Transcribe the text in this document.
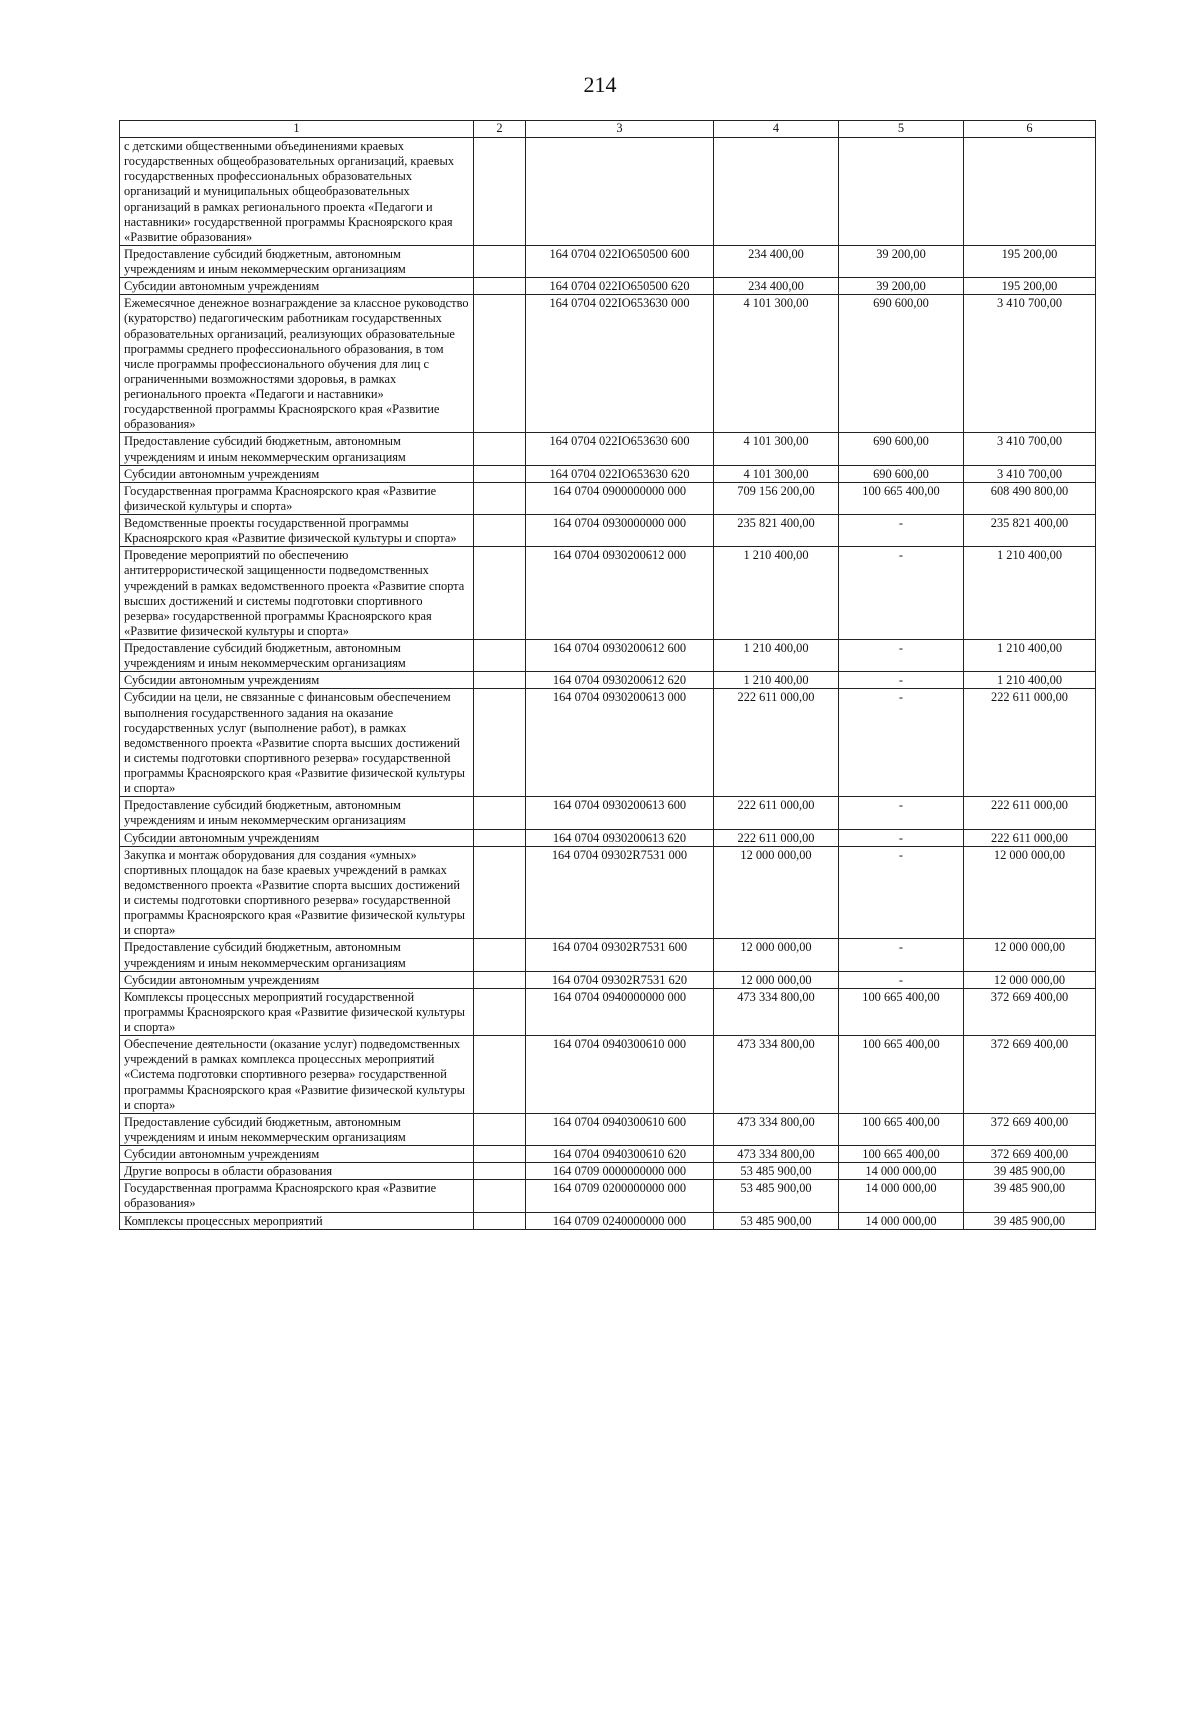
214
1	2	3	4	5	6
с детскими общественными объединениями краевых государственных общеобразовательных организаций, краевых государственных профессиональных образовательных организаций и муниципальных общеобразовательных организаций в рамках регионального проекта «Педагоги и наставники» государственной программы Красноярского края «Развитие образования»					
Предоставление субсидий бюджетным, автономным учреждениям и иным некоммерческим организациям		164 0704 022IO650500 600	234 400,00	39 200,00	195 200,00
Субсидии автономным учреждениям		164 0704 022IO650500 620	234 400,00	39 200,00	195 200,00
Ежемесячное денежное вознаграждение за классное руководство (кураторство) педагогическим работникам государственных образовательных организаций, реализующих образовательные программы среднего профессионального образования, в том числе программы профессионального обучения для лиц с ограниченными возможностями здоровья, в рамках регионального проекта «Педагоги и наставники» государственной программы Красноярского края «Развитие образования»		164 0704 022IO653630 000	4 101 300,00	690 600,00	3 410 700,00
Предоставление субсидий бюджетным, автономным учреждениям и иным некоммерческим организациям		164 0704 022IO653630 600	4 101 300,00	690 600,00	3 410 700,00
Субсидии автономным учреждениям		164 0704 022IO653630 620	4 101 300,00	690 600,00	3 410 700,00
Государственная программа Красноярского края «Развитие физической культуры и спорта»		164 0704 0900000000 000	709 156 200,00	100 665 400,00	608 490 800,00
Ведомственные проекты государственной программы Красноярского края «Развитие физической культуры и спорта»		164 0704 0930000000 000	235 821 400,00	-	235 821 400,00
Проведение мероприятий по обеспечению антитеррористической защищенности подведомственных учреждений в рамках ведомственного проекта «Развитие спорта высших достижений и системы подготовки спортивного резерва» государственной программы Красноярского края «Развитие физической культуры и спорта»		164 0704 0930200612 000	1 210 400,00	-	1 210 400,00
Предоставление субсидий бюджетным, автономным учреждениям и иным некоммерческим организациям		164 0704 0930200612 600	1 210 400,00	-	1 210 400,00
Субсидии автономным учреждениям		164 0704 0930200612 620	1 210 400,00	-	1 210 400,00
Субсидии на цели, не связанные с финансовым обеспечением выполнения государственного задания на оказание государственных услуг (выполнение работ), в рамках ведомственного проекта «Развитие спорта высших достижений и системы подготовки спортивного резерва» государственной программы Красноярского края «Развитие физической культуры и спорта»		164 0704 0930200613 000	222 611 000,00	-	222 611 000,00
Предоставление субсидий бюджетным, автономным учреждениям и иным некоммерческим организациям		164 0704 0930200613 600	222 611 000,00	-	222 611 000,00
Субсидии автономным учреждениям		164 0704 0930200613 620	222 611 000,00	-	222 611 000,00
Закупка и монтаж оборудования для создания «умных» спортивных площадок на базе краевых учреждений в рамках ведомственного проекта «Развитие спорта высших достижений и системы подготовки спортивного резерва» государственной программы Красноярского края «Развитие физической культуры и спорта»		164 0704 09302R7531 000	12 000 000,00	-	12 000 000,00
Предоставление субсидий бюджетным, автономным учреждениям и иным некоммерческим организациям		164 0704 09302R7531 600	12 000 000,00	-	12 000 000,00
Субсидии автономным учреждениям		164 0704 09302R7531 620	12 000 000,00	-	12 000 000,00
Комплексы процессных мероприятий государственной программы Красноярского края «Развитие физической культуры и спорта»		164 0704 0940000000 000	473 334 800,00	100 665 400,00	372 669 400,00
Обеспечение деятельности (оказание услуг) подведомственных учреждений в рамках комплекса процессных мероприятий «Система подготовки спортивного резерва» государственной программы Красноярского края «Развитие физической культуры и спорта»		164 0704 0940300610 000	473 334 800,00	100 665 400,00	372 669 400,00
Предоставление субсидий бюджетным, автономным учреждениям и иным некоммерческим организациям		164 0704 0940300610 600	473 334 800,00	100 665 400,00	372 669 400,00
Субсидии автономным учреждениям		164 0704 0940300610 620	473 334 800,00	100 665 400,00	372 669 400,00
Другие вопросы в области образования		164 0709 0000000000 000	53 485 900,00	14 000 000,00	39 485 900,00
Государственная программа Красноярского края «Развитие образования»		164 0709 0200000000 000	53 485 900,00	14 000 000,00	39 485 900,00
Комплексы процессных мероприятий		164 0709 0240000000 000	53 485 900,00	14 000 000,00	39 485 900,00
